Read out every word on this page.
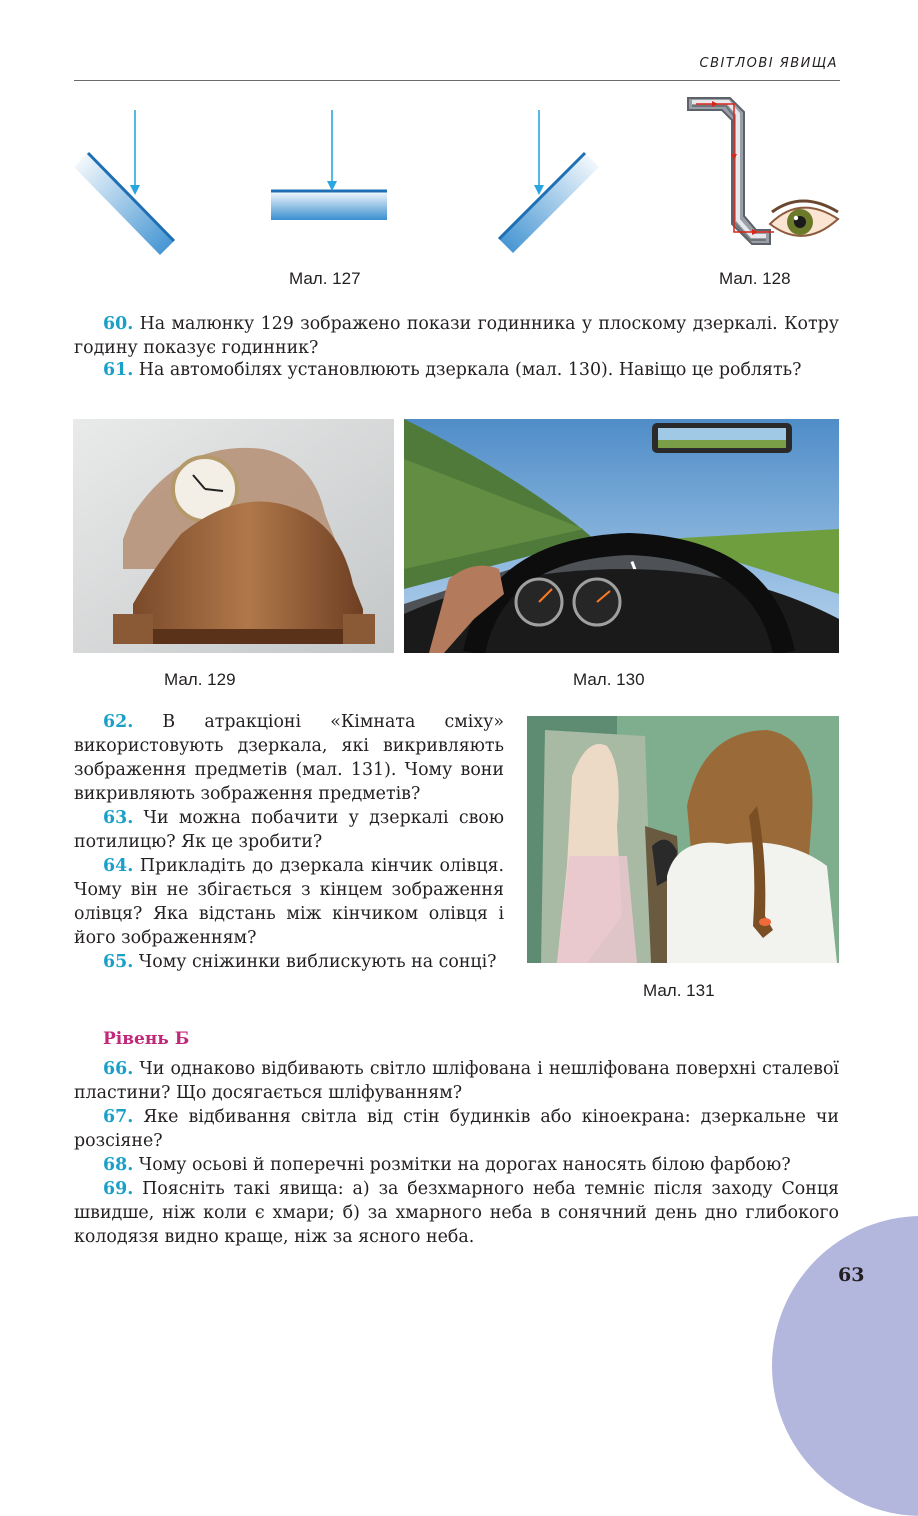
СВІТЛОВІ ЯВИЩА
Мал. 127	Мал. 128

60. На малюнку 129 зображено покази годинника у плоскому дзеркалі. Котру годину показує годинник?

61. На автомобілях установлюють дзеркала (мал. 130). Навіщо це роблять?

Мал. 129	Мал. 130

62. В атракціоні «Кімната сміху» використовують дзеркала, які викривляють зображення предметів (мал. 131). Чому вони викривляють зображення предметів?

63. Чи можна побачити у дзеркалі свою потилицю? Як це зробити?

64. Прикладіть до дзеркала кінчик олівця. Чому він не збігається з кінцем зображення олівця? Яка відстань між кінчиком олівця і його зображенням?

65. Чому сніжинки виблискують на сонці?

Мал. 131
Рівень Б

66. Чи однаково відбивають світло шліфована і нешліфована поверхні сталевої пластини? Що досягається шліфуванням?

67. Яке відбивання світла від стін будинків або кіноекрана: дзеркальне чи розсіяне?

68. Чому осьові й поперечні розмітки на дорогах наносять білою фарбою?

69. Поясніть такі явища: а) за безхмарного неба темніє після заходу Сонця швидше, ніж коли є хмари; б) за хмарного неба в сонячний день дно глибокого колодязя видно краще, ніж за ясного неба.

63
